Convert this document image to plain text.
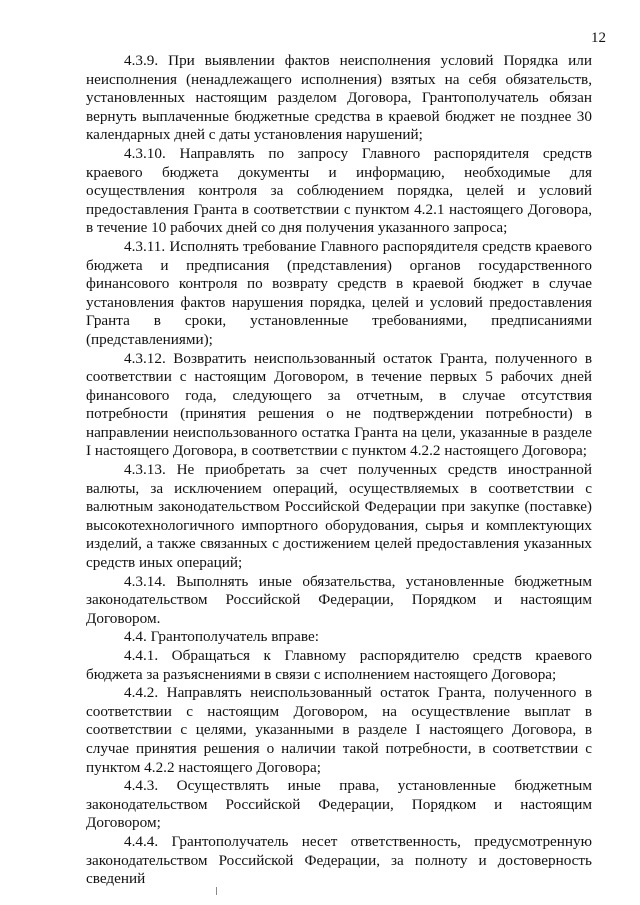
12

4.3.9. При выявлении фактов неисполнения условий Порядка или неисполнения (ненадлежащего исполнения) взятых на себя обязательств, установленных настоящим разделом Договора, Грантополучатель обязан вернуть выплаченные бюджетные средства в краевой бюджет не позднее 30 календарных дней с даты установления нарушений;

4.3.10. Направлять по запросу Главного распорядителя средств краевого бюджета документы и информацию, необходимые для осуществления контроля за соблюдением порядка, целей и условий предоставления Гранта в соответствии с пунктом 4.2.1 настоящего Договора, в течение 10 рабочих дней со дня получения указанного запроса;

4.3.11. Исполнять требование Главного распорядителя средств краевого бюджета и предписания (представления) органов государственного финансового контроля по возврату средств в краевой бюджет в случае установления фактов нарушения порядка, целей и условий предоставления Гранта в сроки, установленные требованиями, предписаниями (представлениями);

4.3.12. Возвратить неиспользованный остаток Гранта, полученного в соответствии с настоящим Договором, в течение первых 5 рабочих дней финансового года, следующего за отчетным, в случае отсутствия потребности (принятия решения о не подтверждении потребности) в направлении неиспользованного остатка Гранта на цели, указанные в разделе I настоящего Договора, в соответствии с пунктом 4.2.2 настоящего Договора;

4.3.13. Не приобретать за счет полученных средств иностранной валюты, за исключением операций, осуществляемых в соответствии с валютным законодательством Российской Федерации при закупке (поставке) высокотехнологичного импортного оборудования, сырья и комплектующих изделий, а также связанных с достижением целей предоставления указанных средств иных операций;

4.3.14. Выполнять иные обязательства, установленные бюджетным законодательством Российской Федерации, Порядком и настоящим Договором.

4.4. Грантополучатель вправе:

4.4.1. Обращаться к Главному распорядителю средств краевого бюджета за разъяснениями в связи с исполнением настоящего Договора;

4.4.2. Направлять неиспользованный остаток Гранта, полученного в соответствии с настоящим Договором, на осуществление выплат в соответствии с целями, указанными в разделе I настоящего Договора, в случае принятия решения о наличии такой потребности, в соответствии с пунктом 4.2.2 настоящего Договора;

4.4.3. Осуществлять иные права, установленные бюджетным законодательством Российской Федерации, Порядком и настоящим Договором;

4.4.4. Грантополучатель несет ответственность, предусмотренную законодательством Российской Федерации, за полноту и достоверность сведений
